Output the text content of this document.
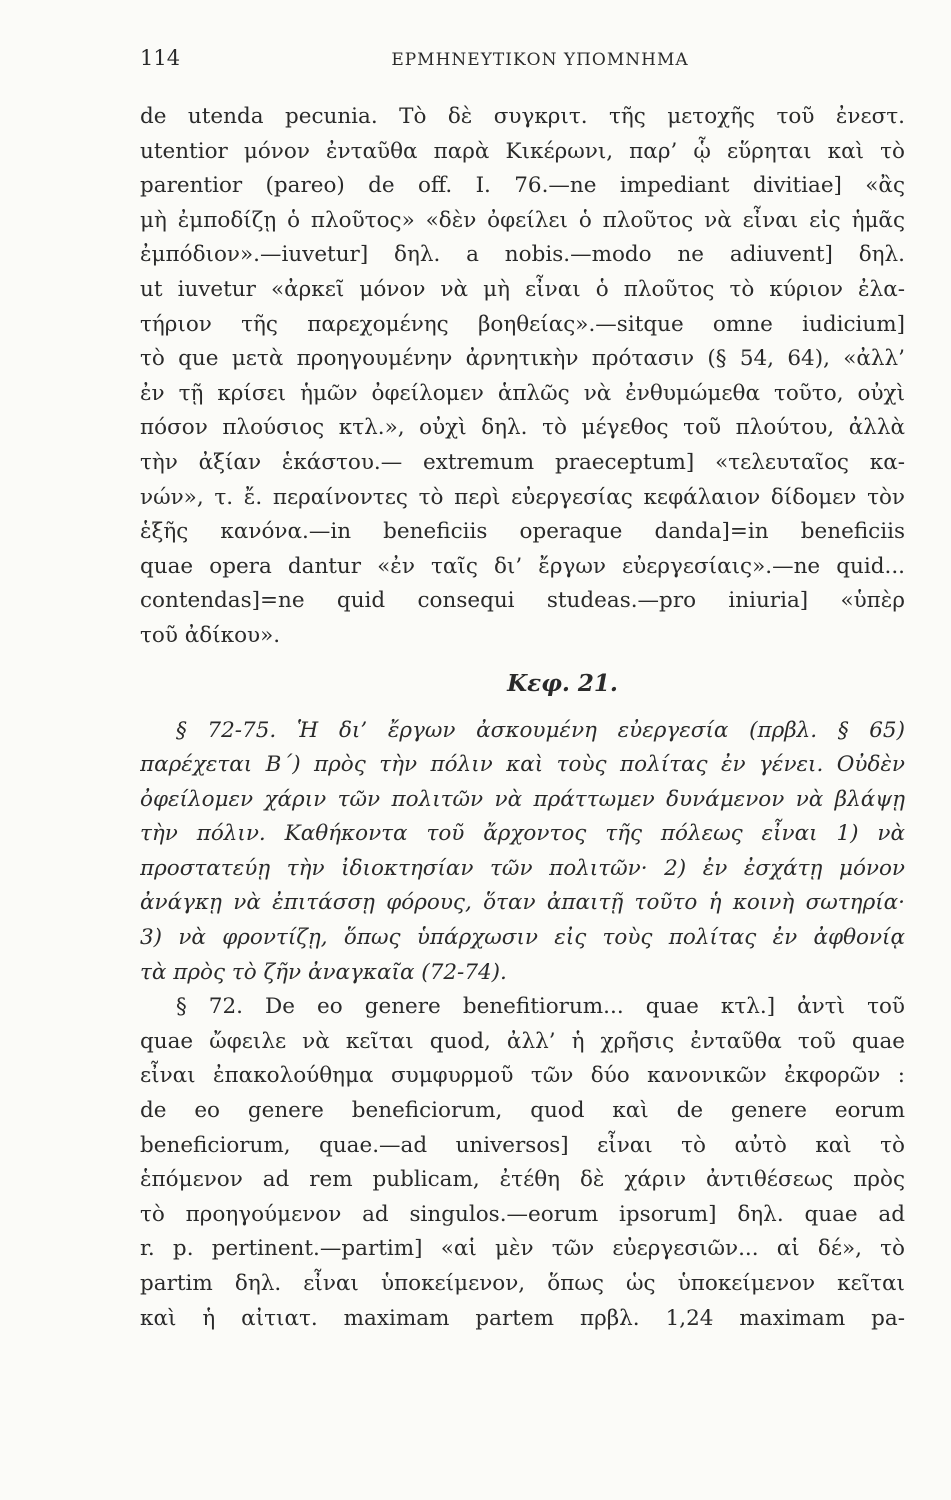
114	ΕΡΜΗΝΕΥΤΙΚΟΝ ΥΠΟΜΝΗΜΑ
de utenda pecunia. Τὸ δὲ συγκριτ. τῆς μετοχῆς τοῦ ἐνεστ.
utentior μόνον ἐνταῦθα παρὰ Κικέρωνι, παρ’ ᾧ εὕρηται καὶ τὸ
parentior (pareo) de off. I. 76.—ne impediant divitiae] «ἂς
μὴ ἐμποδίζῃ ὁ πλοῦτος» «δὲν ὀφείλει ὁ πλοῦτος νὰ εἶναι εἰς ἡμᾶς
ἐμπόδιον».—iuvetur] δηλ. a nobis.—modo ne adiuvent] δηλ.
ut iuvetur «ἀρκεῖ μόνον νὰ μὴ εἶναι ὁ πλοῦτος τὸ κύριον ἐλα-
τήριον τῆς παρεχομένης βοηθείας».—sitque omne iudicium]
τὸ que μετὰ προηγουμένην ἀρνητικὴν πρότασιν (§ 54, 64), «ἀλλ’
ἐν τῇ κρίσει ἡμῶν ὀφείλομεν ἁπλῶς νὰ ἐνθυμώμεθα τοῦτο, οὐχὶ
πόσον πλούσιος κτλ.», οὐχὶ δηλ. τὸ μέγεθος τοῦ πλούτου, ἀλλὰ
τὴν ἀξίαν ἑκάστου.— extremum praeceptum] «τελευταῖος κα-
νών», τ. ἔ. περαίνοντες τὸ περὶ εὐεργεσίας κεφάλαιον δίδομεν τὸν
ἑξῆς κανόνα.—in beneficiis operaque danda]=in beneficiis
quae opera dantur «ἐν ταῖς δι’ ἔργων εὐεργεσίαις».—ne quid...
contendas]=ne quid consequi studeas.—pro iniuria] «ὑπὲρ
τοῦ ἀδίκου».
Κεφ. 21.
§ 72-75. Ἡ δι’ ἔργων ἀσκουμένη εὐεργεσία (πρβλ. § 65)
παρέχεται Β´) πρὸς τὴν πόλιν καὶ τοὺς πολίτας ἐν γένει. Οὐδὲν
ὀφείλομεν χάριν τῶν πολιτῶν νὰ πράττωμεν δυνάμενον νὰ βλάψῃ
τὴν πόλιν. Καθήκοντα τοῦ ἄρχοντος τῆς πόλεως εἶναι 1) νὰ
προστατεύῃ τὴν ἰδιοκτησίαν τῶν πολιτῶν· 2) ἐν ἐσχάτῃ μόνον
ἀνάγκῃ νὰ ἐπιτάσσῃ φόρους, ὅταν ἀπαιτῇ τοῦτο ἡ κοινὴ σωτηρία·
3) νὰ φροντίζῃ, ὅπως ὑπάρχωσιν εἰς τοὺς πολίτας ἐν ἀφθονίᾳ
τὰ πρὸς τὸ ζῆν ἀναγκαῖα (72-74).
§ 72. De eo genere benefitiorum... quae κτλ.] ἀντὶ τοῦ
quae ὤφειλε νὰ κεῖται quod, ἀλλ’ ἡ χρῆσις ἐνταῦθα τοῦ quae
εἶναι ἐπακολούθημα συμφυρμοῦ τῶν δύο κανονικῶν ἐκφορῶν :
de eo genere beneficiorum, quod καὶ de genere eorum
beneficiorum, quae.—ad universos] εἶναι τὸ αὐτὸ καὶ τὸ
ἑπόμενον ad rem publicam, ἐτέθη δὲ χάριν ἀντιθέσεως πρὸς
τὸ προηγούμενον ad singulos.—eorum ipsorum] δηλ. quae ad
r. p. pertinent.—partim] «αἱ μὲν τῶν εὐεργεσιῶν... αἱ δέ», τὸ
partim δηλ. εἶναι ὑποκείμενον, ὅπως ὡς ὑποκείμενον κεῖται
καὶ ἡ αἰτιατ. maximam partem πρβλ. 1,24 maximam pa-
